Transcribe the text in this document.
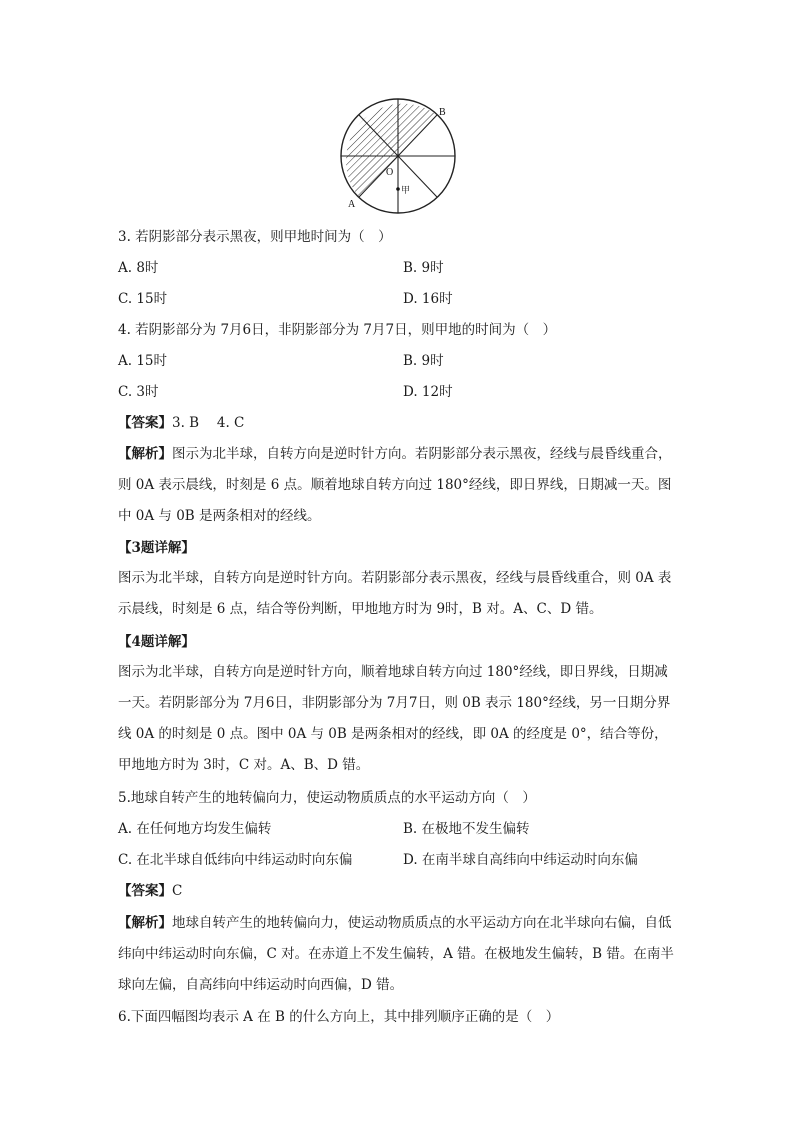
B
A
O
甲
3. 若阴影部分表示黑夜，则甲地时间为（　）
A. 8时	B. 9时
C. 15时	D. 16时
4. 若阴影部分为 7月6日，非阴影部分为 7月7日，则甲地的时间为（　）
A. 15时	B. 9时
C. 3时	D. 12时
【答案】3. B　 4. C
【解析】图示为北半球，自转方向是逆时针方向。若阴影部分表示黑夜，经线与晨昏线重合，则 0A 表示晨线，时刻是 6 点。顺着地球自转方向过 180°经线，即日界线，日期减一天。图中 0A 与 0B 是两条相对的经线。
【3题详解】
图示为北半球，自转方向是逆时针方向。若阴影部分表示黑夜，经线与晨昏线重合，则 0A 表示晨线，时刻是 6 点，结合等份判断，甲地地方时为 9时，B 对。A、C、D 错。
【4题详解】
图示为北半球，自转方向是逆时针方向，顺着地球自转方向过 180°经线，即日界线，日期减一天。若阴影部分为 7月6日，非阴影部分为 7月7日，则 0B 表示 180°经线，另一日期分界线 0A 的时刻是 0 点。图中 0A 与 0B 是两条相对的经线，即 0A 的经度是 0°，结合等份，甲地地方时为 3时，C 对。A、B、D 错。
5.地球自转产生的地转偏向力，使运动物质质点的水平运动方向（　）
A. 在任何地方均发生偏转	B. 在极地不发生偏转
C. 在北半球自低纬向中纬运动时向东偏	D. 在南半球自高纬向中纬运动时向东偏
【答案】C
【解析】地球自转产生的地转偏向力，使运动物质质点的水平运动方向在北半球向右偏，自低纬向中纬运动时向东偏，C 对。在赤道上不发生偏转，A 错。在极地发生偏转，B 错。在南半球向左偏，自高纬向中纬运动时向西偏，D 错。
6.下面四幅图均表示 A 在 B 的什么方向上，其中排列顺序正确的是（　）
